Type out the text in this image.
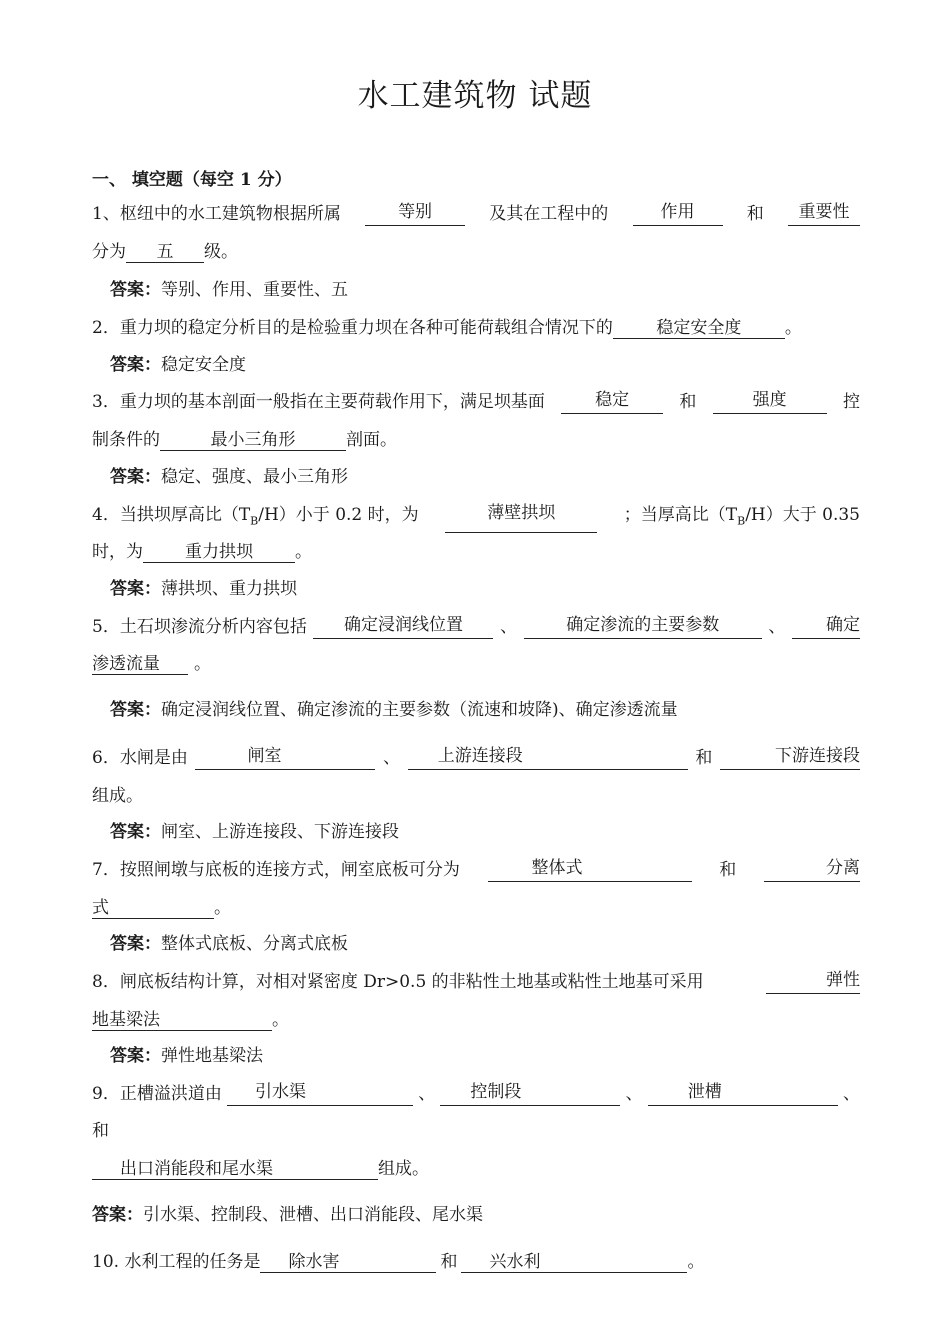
水工建筑物 试题
一、 填空题（每空 1 分）
1、枢纽中的水工建筑物根据所属	等别	及其在工程中的	作用	和	重要性
分为 五 级。
答案：等别、作用、重要性、五
2．重力坝的稳定分析目的是检验重力坝在各种可能荷载组合情况下的	稳定安全度	。
答案：稳定安全度
3．重力坝的基本剖面一般指在主要荷载作用下，满足坝基面	稳定	和	强度	控
制条件的	最小三角形	剖面。
答案：稳定、强度、最小三角形
4．当拱坝厚高比$(T_B/H)$小于 0.2 时，为	薄壁拱坝	；当厚高比$(T_B/H)$大于 0.35
时，为 重力拱坝 。
答案：薄拱坝、重力拱坝
5．土石坝渗流分析内容包括	确定浸润线位置	、	确定渗流的主要参数	、	确定
渗透流量 。
答案：确定浸润线位置、确定渗流的主要参数（流速和坡降)、确定渗透流量
6．水闸是由	闸室	、	上游连接段	和	下游连接段
组成。
答案：闸室、上游连接段、下游连接段
7．按照闸墩与底板的连接方式，闸室底板可分为	整体式	和	分离
式	。
答案：整体式底板、分离式底板
8．闸底板结构计算，对相对紧密度 Dr>0.5 的非粘性土地基或粘性土地基可采用	弹性
地基梁法	。
答案：弹性地基梁法
9．正槽溢洪道由	引水渠	、	控制段	、	泄槽	、
和
出口消能段和尾水渠	组成。
答案：引水渠、控制段、泄槽、出口消能段、尾水渠
10. 水利工程的任务是 除水害	和 兴水利	。
